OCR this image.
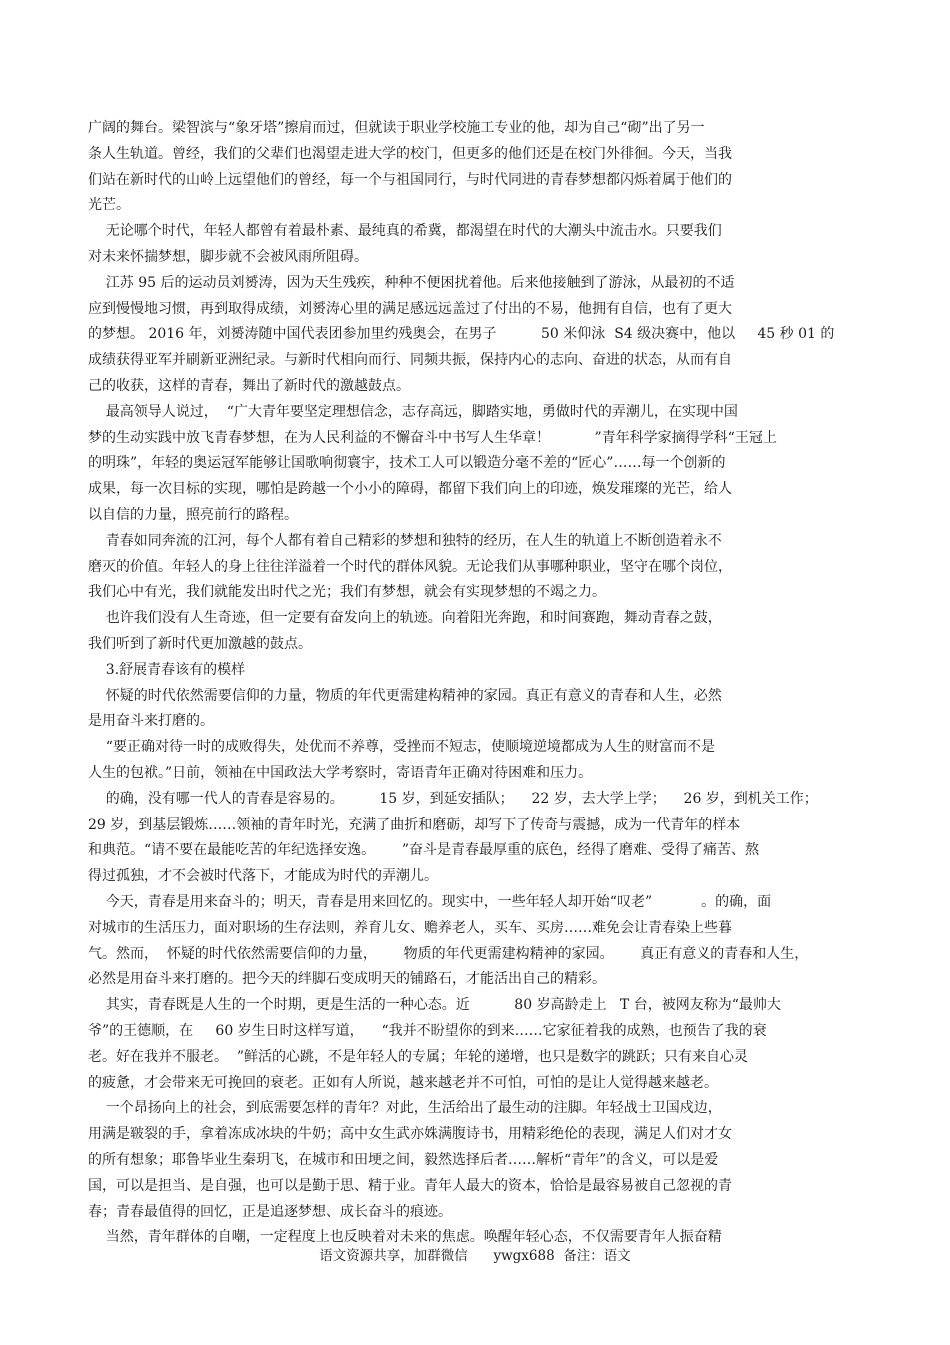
广阔的舞台。梁智滨与“象牙塔”擦肩而过，但就读于职业学校施工专业的他，却为自己“砌”出了另一
条人生轨道。曾经，我们的父辈们也渴望走进大学的校门，但更多的他们还是在校门外徘徊。今天，当我
们站在新时代的山岭上远望他们的曾经，每一个与祖国同行，与时代同进的青春梦想都闪烁着属于他们的
光芒。
无论哪个时代，年轻人都曾有着最朴素、最纯真的希冀，都渴望在时代的大潮头中流击水。只要我们
对未来怀揣梦想，脚步就不会被风雨所阻碍。
江苏 95 后的运动员刘赟涛，因为天生残疾，种种不便困扰着他。后来他接触到了游泳，从最初的不适
应到慢慢地习惯，再到取得成绩，刘赟涛心里的满足感远远盖过了付出的不易，他拥有自信，也有了更大
的梦想。 2016 年，刘赟涛随中国代表团参加里约残奥会，在男子          50 米仰泳  S4 级决赛中，他以     45 秒 01 的
成绩获得亚军并刷新亚洲纪录。与新时代相向而行、同频共振，保持内心的志向、奋进的状态，从而有自
己的收获，这样的青春，舞出了新时代的激越鼓点。
最高领导人说过，  “广大青年要坚定理想信念，志存高远，脚踏实地，勇做时代的弄潮儿，在实现中国
梦的生动实践中放飞青春梦想，在为人民利益的不懈奋斗中书写人生华章！          ”青年科学家摘得学科“王冠上
的明珠”，年轻的奥运冠军能够让国歌响彻寰宇，技术工人可以锻造分毫不差的“匠心”……每一个创新的
成果，每一次目标的实现，哪怕是跨越一个小小的障碍，都留下我们向上的印迹，焕发璀璨的光芒，给人
以自信的力量，照亮前行的路程。
青春如同奔流的江河，每个人都有着自己精彩的梦想和独特的经历，在人生的轨道上不断创造着永不
磨灭的价值。年轻人的身上往往洋溢着一个时代的群体风貌。无论我们从事哪种职业，坚守在哪个岗位，
我们心中有光，我们就能发出时代之光；我们有梦想，就会有实现梦想的不竭之力。
也许我们没有人生奇迹，但一定要有奋发向上的轨迹。向着阳光奔跑，和时间赛跑，舞动青春之鼓，
我们听到了新时代更加激越的鼓点。
3.舒展青春该有的模样
怀疑的时代依然需要信仰的力量，物质的年代更需建构精神的家园。真正有意义的青春和人生，必然
是用奋斗来打磨的。
“要正确对待一时的成败得失，处优而不养尊，受挫而不短志，使顺境逆境都成为人生的财富而不是
人生的包袱。”日前，领袖在中国政法大学考察时，寄语青年正确对待困难和压力。
的确，没有哪一代人的青春是容易的。        15 岁，到延安插队；    22 岁，去大学上学；    26 岁，到机关工作；
29 岁，到基层锻炼……领袖的青年时光，充满了曲折和磨砺，却写下了传奇与震撼，成为一代青年的样本
和典范。“请不要在最能吃苦的年纪选择安逸。      ”奋斗是青春最厚重的底色，经得了磨难、受得了痛苦、熬
得过孤独，才不会被时代落下，才能成为时代的弄潮儿。
今天，青春是用来奋斗的；明天，青春是用来回忆的。现实中，一些年轻人却开始“叹老”           。的确，面
对城市的生活压力，面对职场的生存法则，养育儿女、赡养老人，买车、买房……难免会让青春染上些暮
气。然而，  怀疑的时代依然需要信仰的力量，      物质的年代更需建构精神的家园。      真正有意义的青春和人生，
必然是用奋斗来打磨的。把今天的绊脚石变成明天的铺路石，才能活出自己的精彩。
其实，青春既是人生的一个时期，更是生活的一种心态。近          80 岁高龄走上   T 台，被网友称为“最帅大
爷”的王德顺，在     60 岁生日时这样写道，    “我并不盼望你的到来……它家征着我的成熟，也预告了我的衰
老。好在我并不服老。  ”鲜活的心跳，不是年轻人的专属；年轮的递增，也只是数字的跳跃；只有来自心灵
的疲惫，才会带来无可挽回的衰老。正如有人所说，越来越老并不可怕，可怕的是让人觉得越来越老。
一个昂扬向上的社会，到底需要怎样的青年？对此，生活给出了最生动的注脚。年轻战士卫国戍边，
用满是皲裂的手，拿着冻成冰块的牛奶；高中女生武亦姝满腹诗书，用精彩绝伦的表现，满足人们对才女
的所有想象；耶鲁毕业生秦玥飞，在城市和田埂之间，毅然选择后者……解析“青年”的含义，可以是爱
国，可以是担当、是自强，也可以是勤于思、精于业。青年人最大的资本，恰恰是最容易被自己忽视的青
春；青春最值得的回忆，正是追逐梦想、成长奋斗的痕迹。
当然，青年群体的自嘲，一定程度上也反映着对未来的焦虑。唤醒年轻心态，不仅需要青年人振奋精
语文资源共享，加群微信      ywgx688  备注：语文
